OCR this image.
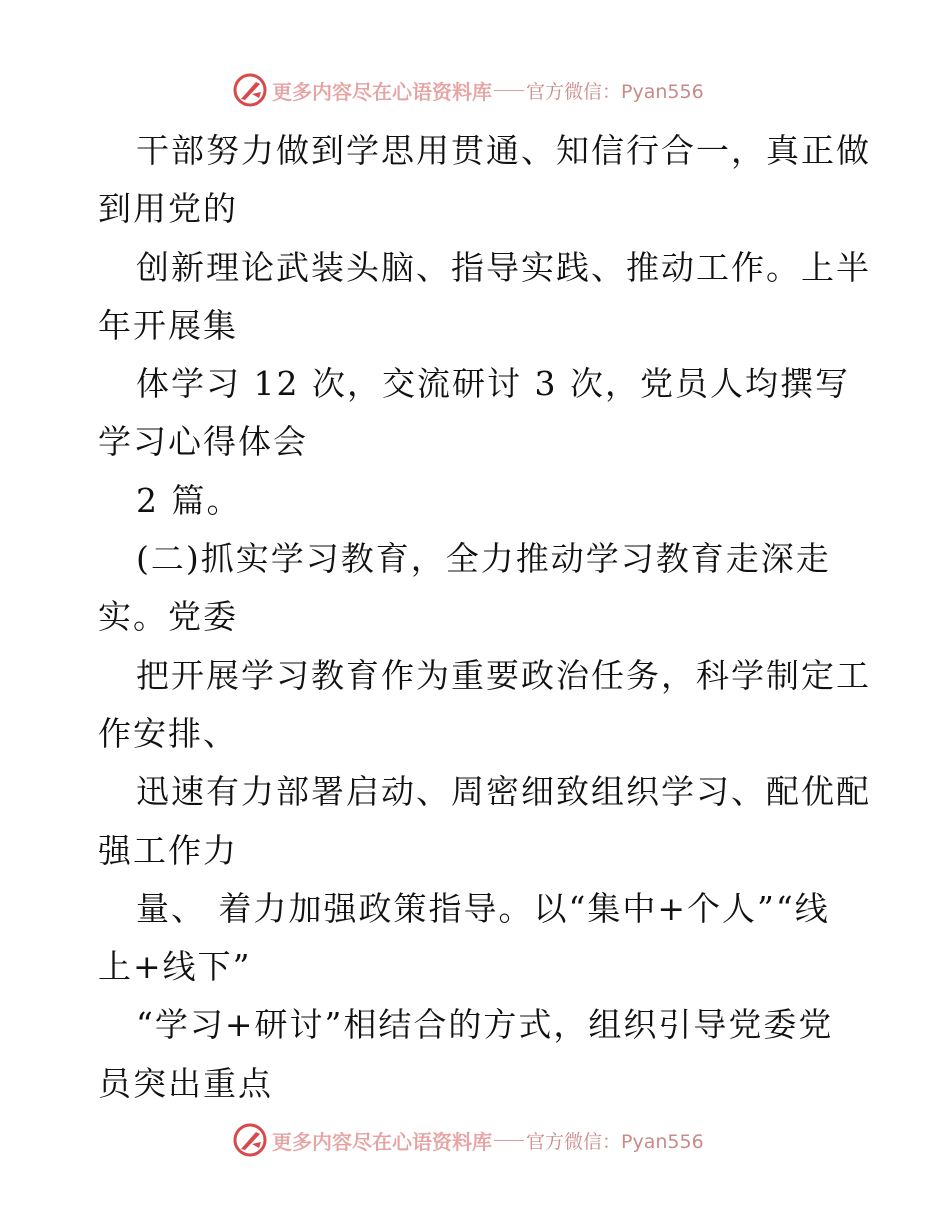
更多内容尽在心语资料库 官方微信：Pyan556
干部努力做到学思用贯通、知信行合一，真正做
到用党的
创新理论武装头脑、指导实践、推动工作。上半
年开展集
体学习 12 次，交流研讨 3 次，党员人均撰写
学习心得体会
2 篇。
(二)抓实学习教育，全力推动学习教育走深走
实。党委
把开展学习教育作为重要政治任务，科学制定工
作安排、
迅速有力部署启动、周密细致组织学习、配优配
强工作力
量、 着力加强政策指导。以“集中+个人”“线
上+线下”
“学习+研讨”相结合的方式，组织引导党委党
员突出重点
更多内容尽在心语资料库 官方微信：Pyan556
